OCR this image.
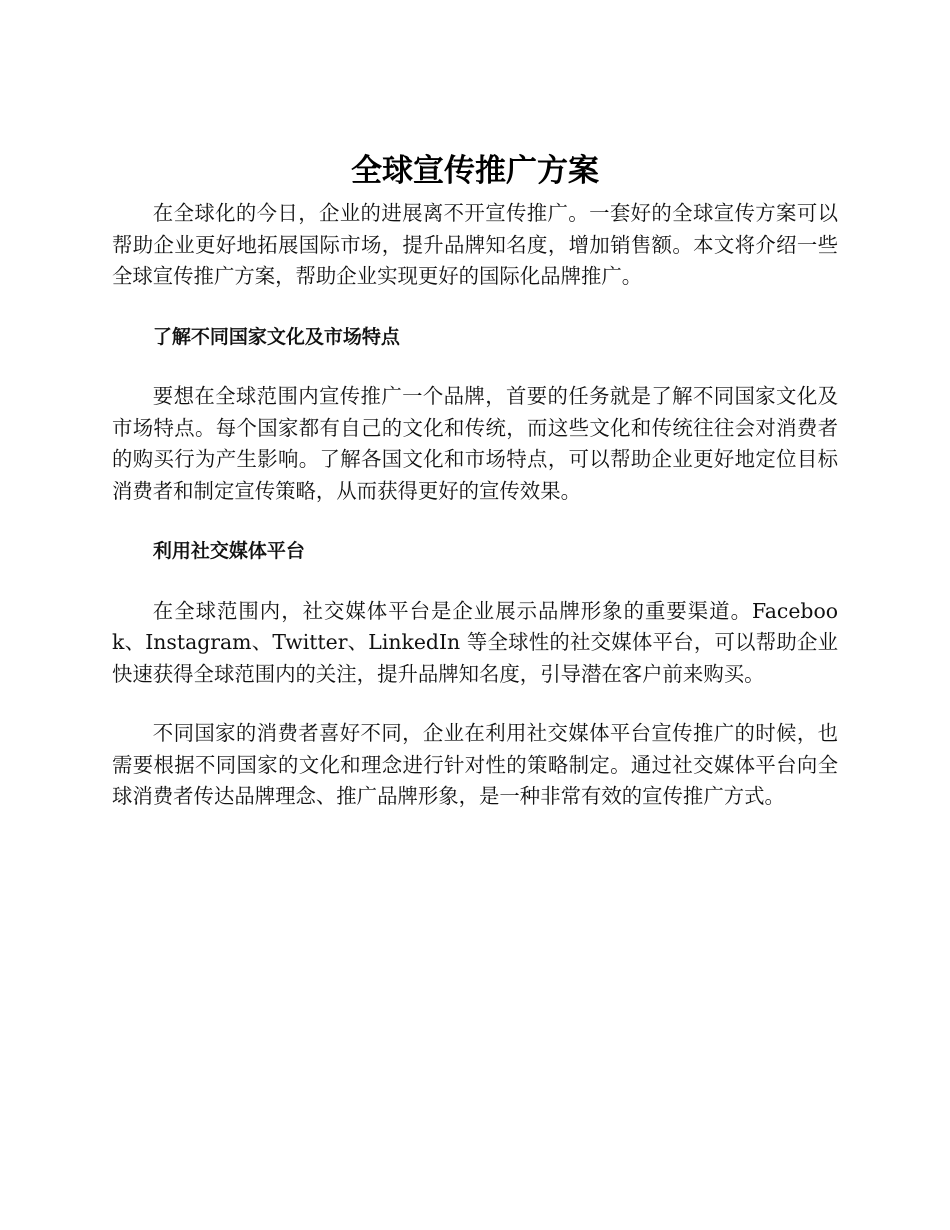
全球宣传推广方案

在全球化的今日，企业的进展离不开宣传推广。一套好的全球宣传方案可以帮助企业更好地拓展国际市场，提升品牌知名度，增加销售额。本文将介绍一些全球宣传推广方案，帮助企业实现更好的国际化品牌推广。

了解不同国家文化及市场特点

要想在全球范围内宣传推广一个品牌，首要的任务就是了解不同国家文化及市场特点。每个国家都有自己的文化和传统，而这些文化和传统往往会对消费者的购买行为产生影响。了解各国文化和市场特点，可以帮助企业更好地定位目标消费者和制定宣传策略，从而获得更好的宣传效果。

利用社交媒体平台

在全球范围内，社交媒体平台是企业展示品牌形象的重要渠道。Facebook、Instagram、Twitter、LinkedIn 等全球性的社交媒体平台，可以帮助企业快速获得全球范围内的关注，提升品牌知名度，引导潜在客户前来购买。

不同国家的消费者喜好不同，企业在利用社交媒体平台宣传推广的时候，也需要根据不同国家的文化和理念进行针对性的策略制定。通过社交媒体平台向全球消费者传达品牌理念、推广品牌形象，是一种非常有效的宣传推广方式。
